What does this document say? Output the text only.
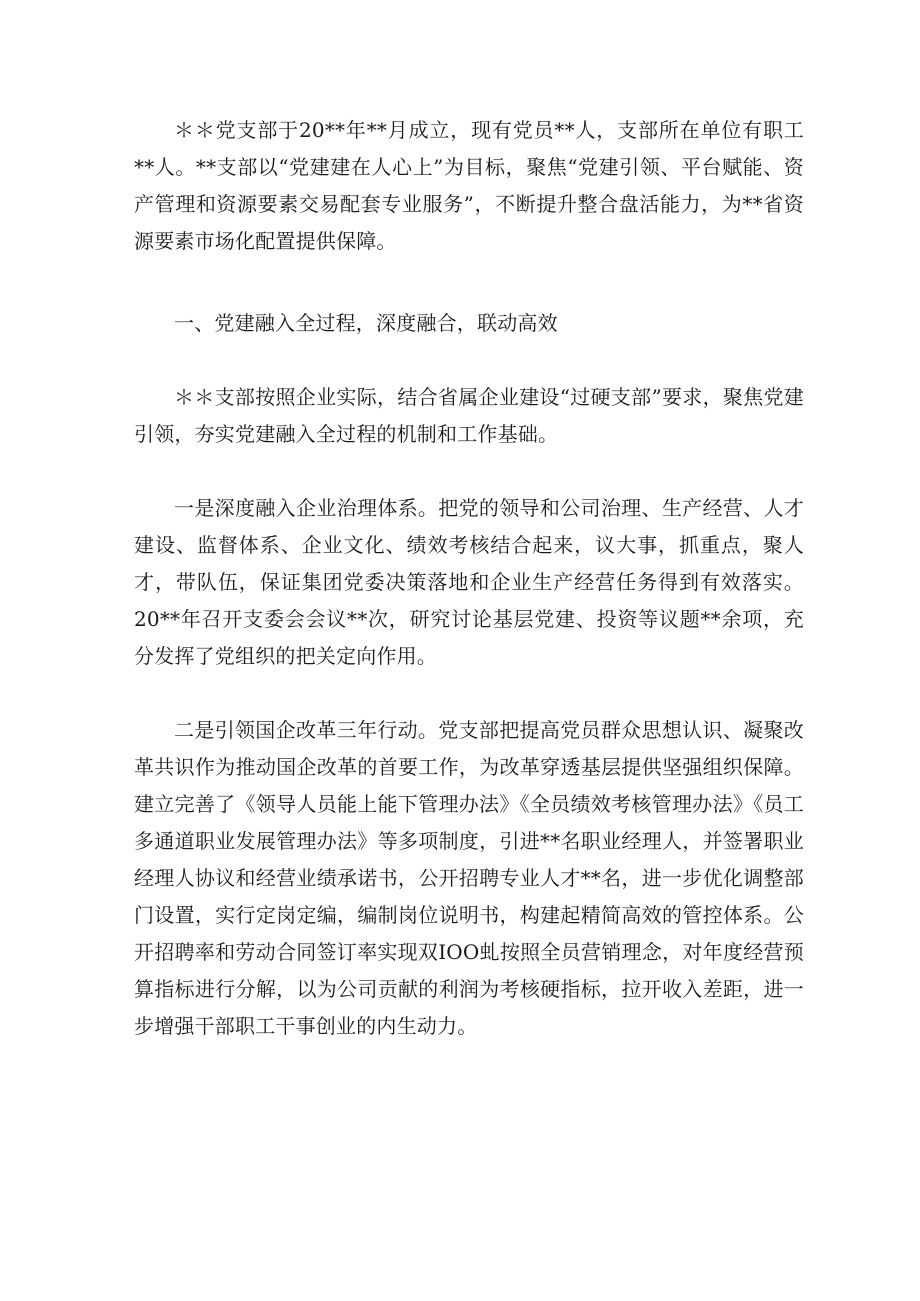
＊＊党支部于20**年**月成立，现有党员**人，支部所在单位有职工**人。**支部以“党建建在人心上”为目标，聚焦“党建引领、平台赋能、资产管理和资源要素交易配套专业服务”，不断提升整合盘活能力，为**省资源要素市场化配置提供保障。

一、党建融入全过程，深度融合，联动高效

＊＊支部按照企业实际，结合省属企业建设“过硬支部”要求，聚焦党建引领，夯实党建融入全过程的机制和工作基础。

一是深度融入企业治理体系。把党的领导和公司治理、生产经营、人才建设、监督体系、企业文化、绩效考核结合起来，议大事，抓重点，聚人才，带队伍，保证集团党委决策落地和企业生产经营任务得到有效落实。20**年召开支委会会议**次，研究讨论基层党建、投资等议题**余项，充分发挥了党组织的把关定向作用。

二是引领国企改革三年行动。党支部把提高党员群众思想认识、凝聚改革共识作为推动国企改革的首要工作，为改革穿透基层提供坚强组织保障。建立完善了《领导人员能上能下管理办法》《全员绩效考核管理办法》《员工多通道职业发展管理办法》等多项制度，引进**名职业经理人，并签署职业经理人协议和经营业绩承诺书，公开招聘专业人才**名，进一步优化调整部门设置，实行定岗定编，编制岗位说明书，构建起精简高效的管控体系。公开招聘率和劳动合同签订率实现双IOO虬按照全员营销理念，对年度经营预算指标进行分解，以为公司贡献的利润为考核硬指标，拉开收入差距，进一步增强干部职工干事创业的内生动力。
